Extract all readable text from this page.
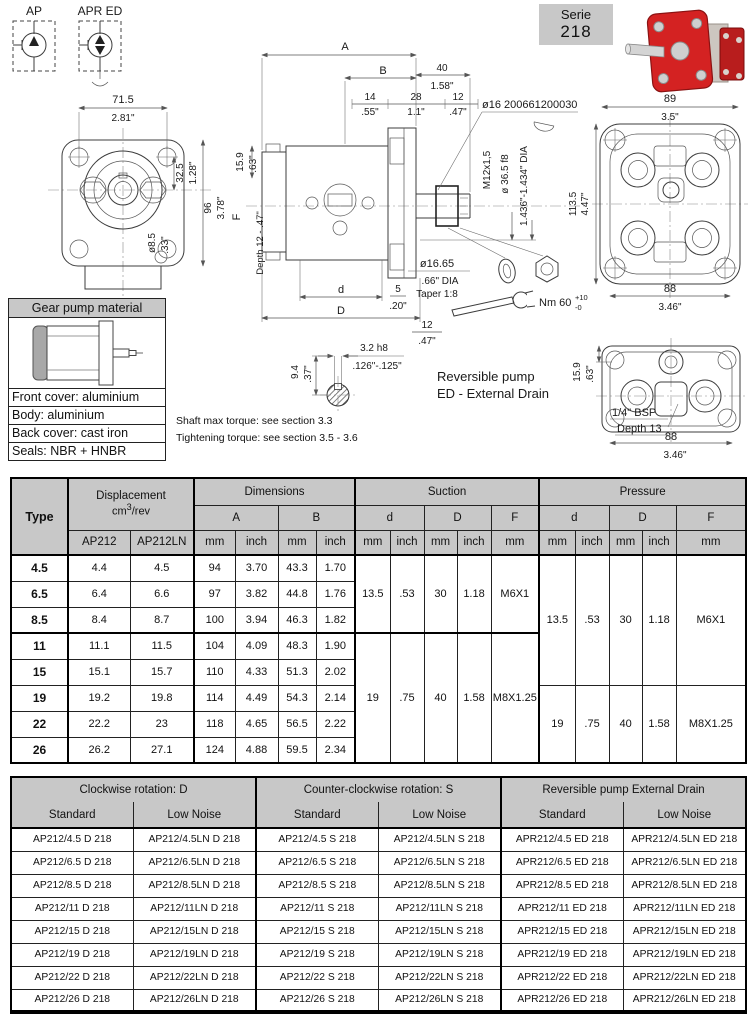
AP	APR ED
71.5
2.81"
32.5 1.28"
96 3.78"
ø8.5 .33"
A
B	40
1.58"
14
.55"
28
1.1"
12
.47"
ø16 200661200030
M12x1,5 ø 36.5 f8 1.436"-1.434" DIA
15.9 .63"
F Depth 12 - .47"
d
D
5
.20"
12
.47"
ø16.65
.66" DIA
Taper 1:8
Nm 60 +10
-0
89
3.5"
113.5 4.47"
88
3.46"
15.9 .63"
1/4" BSP
Depth 13
88
3.46"
3.2 h8
.126"-.125"
9.4 .37"	Reversible pump
ED - External Drain
Serie
218
Gear pump material
Front cover: aluminium
Body: aluminium
Back cover: cast iron
Seals: NBR + HNBR
Shaft max torque: see section 3.3
Tightening torque: see section 3.5 - 3.6
Type	Displacement
$cm^3$/rev		Dimensions				Suction					Pressure				
			A		B		d		D		F	d		D		F
	AP212	AP212LN	mm	inch	mm	inch	mm	inch	mm	inch	mm	mm	inch	mm	inch	mm
4.5	4.4	4.5	94	3.70	43.3	1.70	13.5	.53	30	1.18	M6X1	13.5	.53	30	1.18	M6X1
6.5	6.4	6.6	97	3.82	44.8	1.76										
8.5	8.4	8.7	100	3.94	46.3	1.82										
11	11.1	11.5	104	4.09	48.3	1.90	19	.75	40	1.58	M8X1.25					
15	15.1	15.7	110	4.33	51.3	2.02										
19	19.2	19.8	114	4.49	54.3	2.14						19	.75	40	1.58	M8X1.25
22	22.2	23	118	4.65	56.5	2.22										
26	26.2	27.1	124	4.88	59.5	2.34										
Clockwise rotation: D		Counter-clockwise rotation: S		Reversible pump External Drain	
Standard	Low Noise	Standard	Low Noise	Standard	Low Noise
AP212/4.5 D 218	AP212/4.5LN D 218	AP212/4.5 S 218	AP212/4.5LN S 218	APR212/4.5 ED 218	APR212/4.5LN ED 218
AP212/6.5 D 218	AP212/6.5LN D 218	AP212/6.5 S 218	AP212/6.5LN S 218	APR212/6.5 ED 218	APR212/6.5LN ED 218
AP212/8.5 D 218	AP212/8.5LN D 218	AP212/8.5 S 218	AP212/8.5LN S 218	APR212/8.5 ED 218	APR212/8.5LN ED 218
AP212/11 D 218	AP212/11LN D 218	AP212/11 S 218	AP212/11LN S 218	APR212/11 ED 218	APR212/11LN ED 218
AP212/15 D 218	AP212/15LN D 218	AP212/15 S 218	AP212/15LN S 218	APR212/15 ED 218	APR212/15LN ED 218
AP212/19 D 218	AP212/19LN D 218	AP212/19 S 218	AP212/19LN S 218	APR212/19 ED 218	APR212/19LN ED 218
AP212/22 D 218	AP212/22LN D 218	AP212/22 S 218	AP212/22LN S 218	APR212/22 ED 218	APR212/22LN ED 218
AP212/26 D 218	AP212/26LN D 218	AP212/26 S 218	AP212/26LN S 218	APR212/26 ED 218	APR212/26LN ED 218
